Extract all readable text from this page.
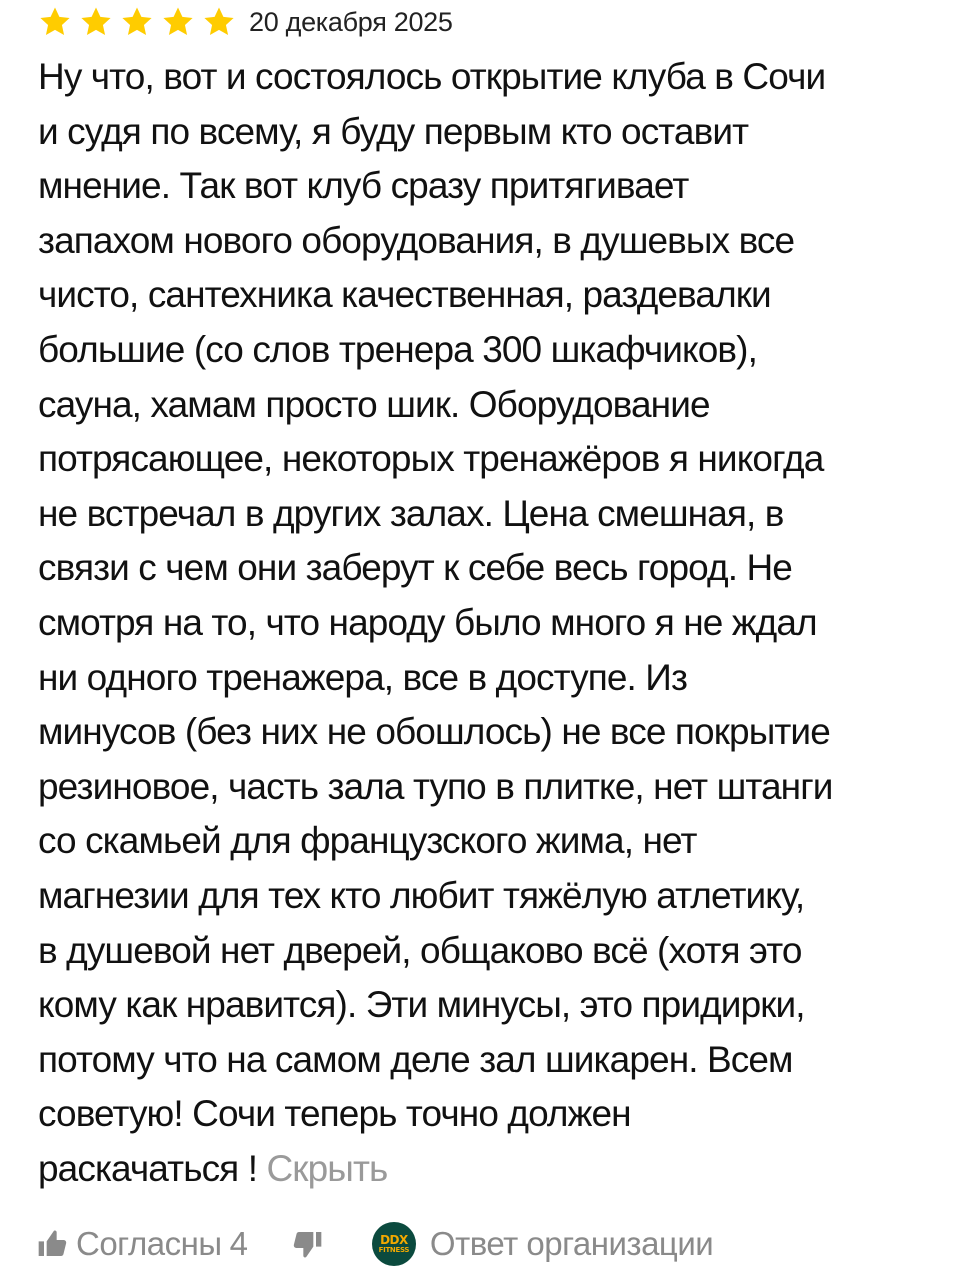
20 декабря 2025
Ну что, вот и состоялось открытие клуба в Сочи
и судя по всему, я буду первым кто оставит
мнение. Так вот клуб сразу притягивает
запахом нового оборудования, в душевых все
чисто, сантехника качественная, раздевалки
большие (со слов тренера 300 шкафчиков),
сауна, хамам просто шик. Оборудование
потрясающее, некоторых тренажёров я никогда
не встречал в других залах. Цена смешная, в
связи с чем они заберут к себе весь город. Не
смотря на то, что народу было много я не ждал
ни одного тренажера, все в доступе. Из
минусов (без них не обошлось) не все покрытие
резиновое, часть зала тупо в плитке, нет штанги
со скамьей для французского жима, нет
магнезии для тех кто любит тяжёлую атлетику,
в душевой нет дверей, общаково всё (хотя это
кому как нравится). Эти минусы, это придирки,
потому что на самом деле зал шикарен. Всем
советую! Сочи теперь точно должен
раскачаться ! Скрыть
Согласны 4	DDX
FITNESS Ответ организации
